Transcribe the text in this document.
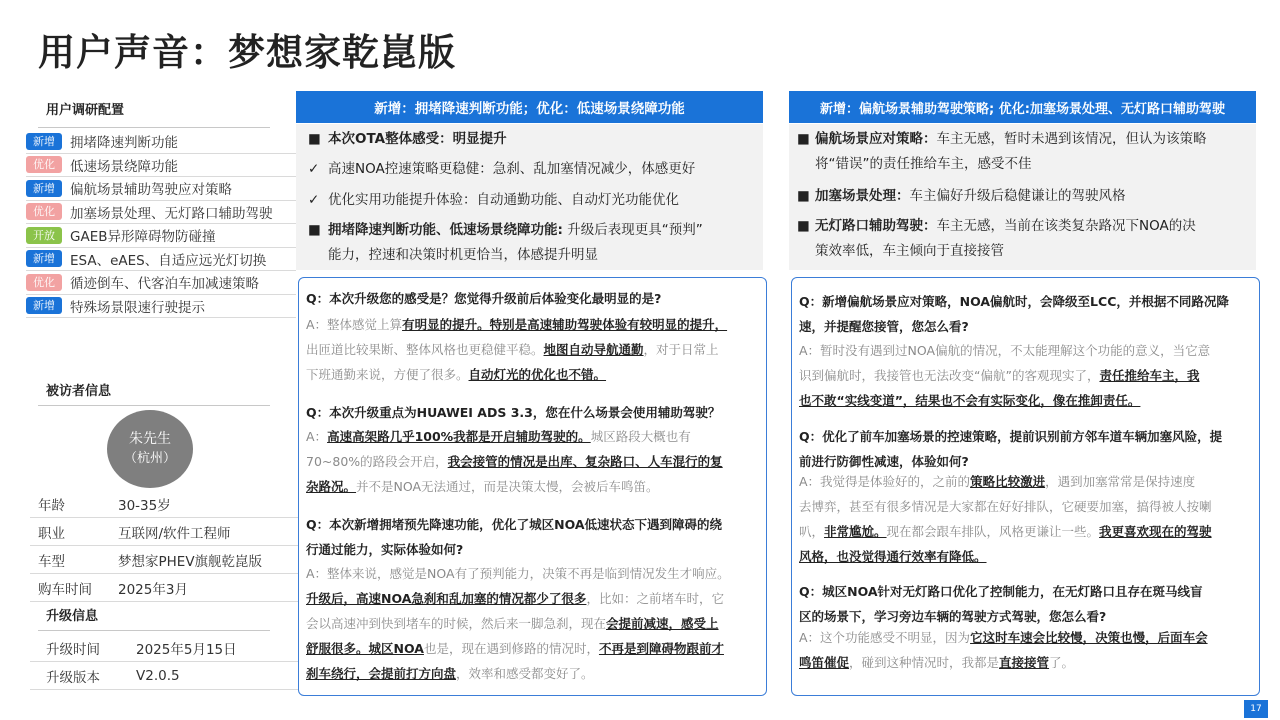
用户声音：梦想家乾崑版
用户调研配置
新增	拥堵降速判断功能
优化	低速场景绕障功能
新增	偏航场景辅助驾驶应对策略
优化	加塞场景处理、无灯路口辅助驾驶
开放	GAEB异形障碍物防碰撞
新增	ESA、eAES、自适应远光灯切换
优化	循迹倒车、代客泊车加减速策略
新增	特殊场景限速行驶提示
被访者信息
朱先生
（杭州）
年龄	30-35岁
职业	互联网/软件工程师
车型	梦想家PHEV旗舰乾崑版
购车时间	2025年3月
升级信息
升级时间	2025年5月15日
升级版本	V2.0.5
新增：拥堵降速判断功能；优化：低速场景绕障功能
■ 本次OTA整体感受：明显提升
✓ 高速NOA控速策略更稳健：急刹、乱加塞情况减少，体感更好
✓ 优化实用功能提升体验：自动通勤功能、自动灯光功能优化
■ 拥堵降速判断功能、低速场景绕障功能: 升级后表现更具“预判”
能力，控速和决策时机更恰当，体感提升明显
Q：本次升级您的感受是？您觉得升级前后体验变化最明显的是?
A：整体感觉上算有明显的提升。特别是高速辅助驾驶体验有较明显的提升，
出匝道比较果断、整体风格也更稳健平稳。地图自动导航通勤，对于日常上
下班通勤来说，方便了很多。自动灯光的优化也不错。
Q：本次升级重点为HUAWEI ADS 3.3，您在什么场景会使用辅助驾驶？
A：高速高架路几乎100%我都是开启辅助驾驶的。城区路段大概也有
70~80%的路段会开启，我会接管的情况是出库、复杂路口、人车混行的复
杂路况。并不是NOA无法通过，而是决策太慢，会被后车鸣笛。
Q：本次新增拥堵预先降速功能，优化了城区NOA低速状态下遇到障碍的绕
行通过能力，实际体验如何?
A：整体来说，感觉是NOA有了预判能力，决策不再是临到情况发生才响应。
升级后，高速NOA急刹和乱加塞的情况都少了很多，比如：之前堵车时，它
会以高速冲到快到堵车的时候，然后来一脚急刹，现在会提前减速，感受上
舒服很多。城区NOA也是，现在遇到修路的情况时，不再是到障碍物跟前才
刹车绕行，会提前打方向盘，效率和感受都变好了。
新增：偏航场景辅助驾驶策略; 优化:加塞场景处理、无灯路口辅助驾驶
■ 偏航场景应对策略：车主无感，暂时未遇到该情况，但认为该策略
将“错误”的责任推给车主，感受不佳
■ 加塞场景处理：车主偏好升级后稳健谦让的驾驶风格
■ 无灯路口辅助驾驶：车主无感，当前在该类复杂路况下NOA的决
策效率低，车主倾向于直接接管
Q：新增偏航场景应对策略，NOA偏航时，会降级至LCC，并根据不同路况降
速，并提醒您接管，您怎么看?
A：暂时没有遇到过NOA偏航的情况，不太能理解这个功能的意义，当它意
识到偏航时，我接管也无法改变“偏航”的客观现实了，责任推给车主，我
也不敢“实线变道”，结果也不会有实际变化，像在推卸责任。
Q：优化了前车加塞场景的控速策略，提前识别前方邻车道车辆加塞风险，提
前进行防御性减速，体验如何?
A：我觉得是体验好的，之前的策略比较激进，遇到加塞常常是保持速度
去博弈，甚至有很多情况是大家都在好好排队，它硬要加塞，搞得被人按喇
叭，非常尴尬。现在都会跟车排队，风格更谦让一些。我更喜欢现在的驾驶
风格，也没觉得通行效率有降低。
Q：城区NOA针对无灯路口优化了控制能力，在无灯路口且存在斑马线盲
区的场景下，学习旁边车辆的驾驶方式驾驶，您怎么看?
A：这个功能感受不明显，因为它这时车速会比较慢，决策也慢，后面车会
鸣笛催促，碰到这种情况时，我都是直接接管了。
17
